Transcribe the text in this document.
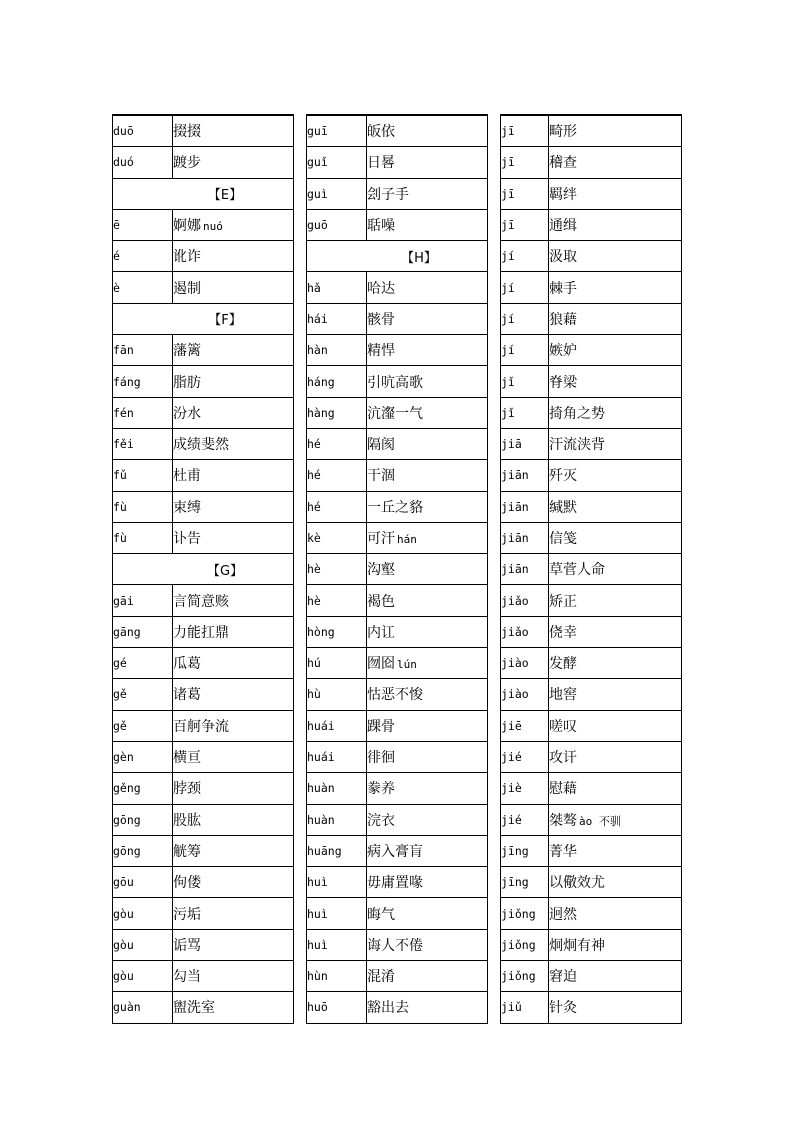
duō	掇掇
duó	踱步
【E】	
ē	婀娜 nuó
é	讹诈
è	遏制
【F】	
fān	藩篱
fáng	脂肪
fén	汾水
fěi	成绩斐然
fǔ	杜甫
fù	束缚
fù	讣告
【G】	
gāi	言简意赅
gāng	力能扛鼎
gé	瓜葛
gě	诸葛
gě	百舸争流
gèn	横亘
gěng	脖颈
gōng	股肱
gōng	觥筹
gōu	佝偻
gòu	污垢
gòu	诟骂
gòu	勾当
guàn	盥洗室
guī	皈依
guǐ	日晷
guì	刽子手
guō	聒噪
【H】	
hǎ	哈达
hái	骸骨
hàn	精悍
háng	引吭高歌
hàng	沆瀣一气
hé	隔阂
hé	干涸
hé	一丘之貉
kè	可汗 hán
hè	沟壑
hè	褐色
hòng	内讧
hú	囫囵 lún
hù	怙恶不悛
huái	踝骨
huái	徘徊
huàn	豢养
huàn	浣衣
huāng	病入膏肓
huì	毋庸置喙
huì	晦气
huì	诲人不倦
hùn	混淆
huō	豁出去
jī	畸形
jī	稽查
jī	羁绊
jī	通缉
jí	汲取
jí	棘手
jí	狼藉
jí	嫉妒
jǐ	脊梁
jǐ	掎角之势
jiā	汗流浃背
jiān	歼灭
jiān	缄默
jiān	信笺
jiān	草菅人命
jiǎo	矫正
jiǎo	侥幸
jiào	发酵
jiào	地窖
jiē	嗟叹
jié	攻讦
jiè	慰藉
jié	桀骜 ào 不驯
jīng	菁华
jīng	以儆效尤
jiǒng	迥然
jiǒng	炯炯有神
jiǒng	窘迫
jiǔ	针灸
